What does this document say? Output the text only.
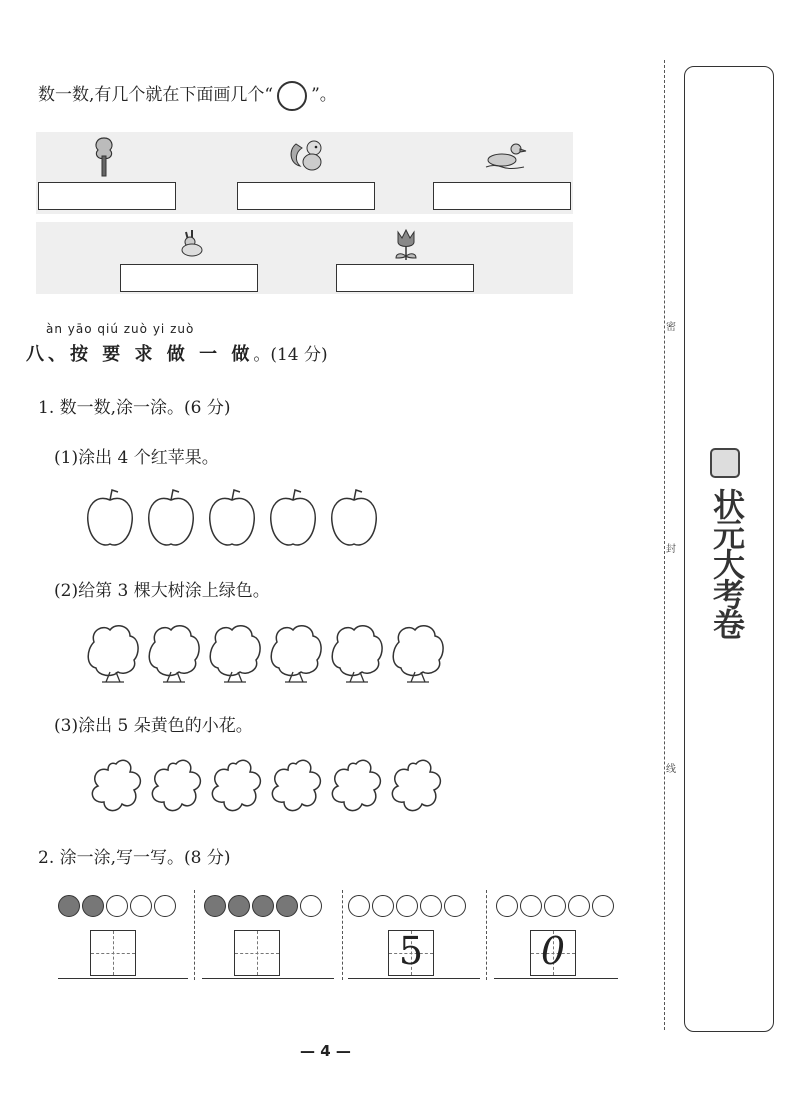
数一数,有几个就在下面画几个“ ”。
àn yāo qiú zuò yi zuò
八、按 要 求 做 一 做。(14 分)
1. 数一数,涂一涂。(6 分)
(1)涂出 4 个红苹果。
(2)给第 3 棵大树涂上绿色。
(3)涂出 5 朵黄色的小花。
2. 涂一涂,写一写。(8 分)
5	0
— 4 —
密
封
线
状元大考卷
